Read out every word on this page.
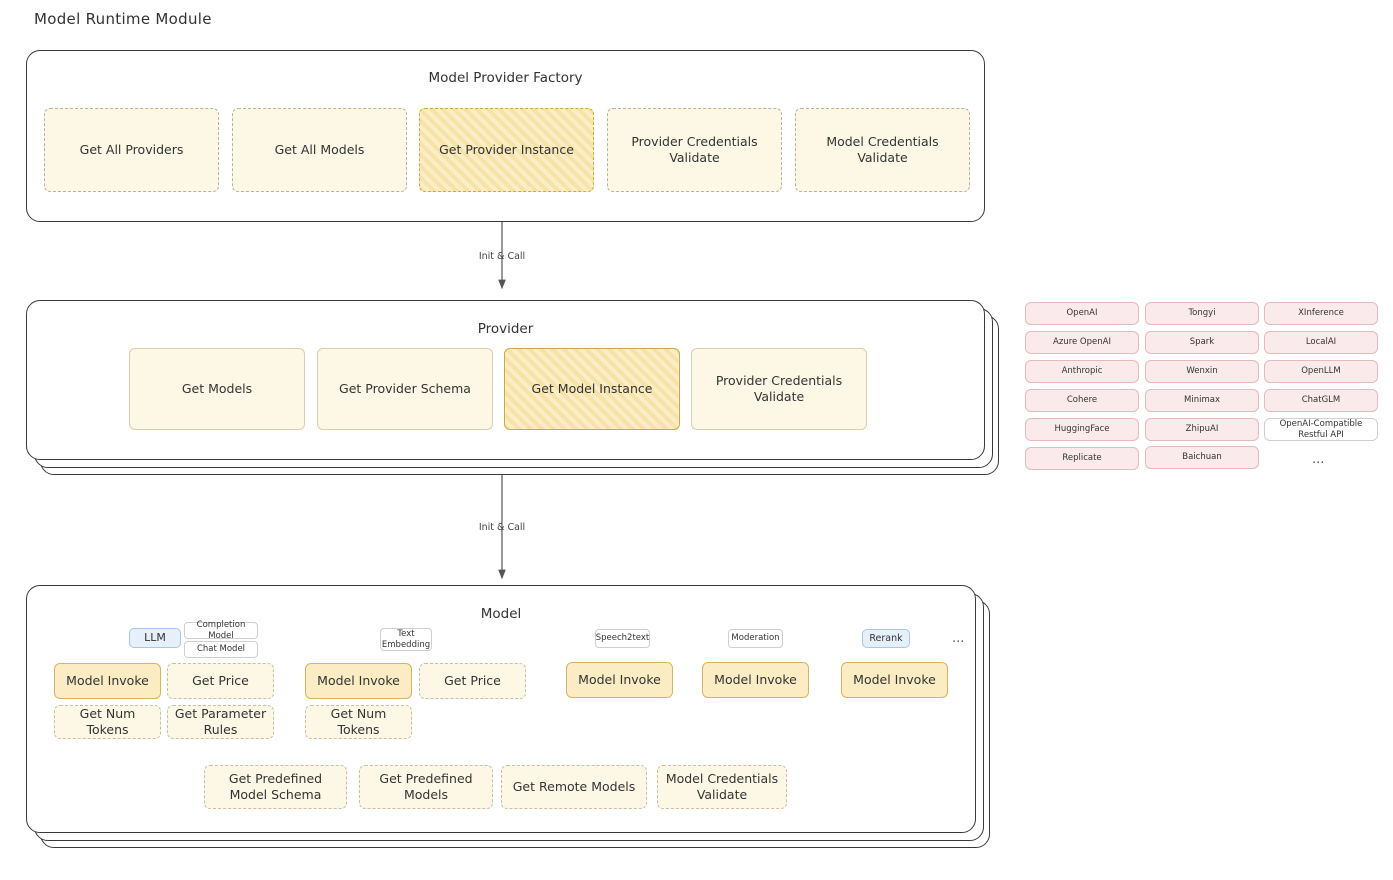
Model Runtime Module
Init & Call
Init & Call
Model Provider Factory
Get All Providers	Get All Models	Get Provider Instance
Provider Credentials Validate
Model Credentials Validate
Provider
Get Models	Get Provider Schema	Get Model Instance
Provider Credentials Validate
OpenAI
Azure OpenAI
Anthropic
Cohere
HuggingFace
Replicate
Tongyi
Spark
Wenxin
Minimax
ZhipuAI
Baichuan
XInference
LocalAI
OpenLLM
ChatGLM
OpenAI-Compatible Restful API
...
Model
LLM
Completion Model
Chat Model
Model Invoke	Get Price
Get Num Tokens
Get Parameter Rules
Text Embedding
Model Invoke	Get Price
Get Num Tokens
Speech2text
Model Invoke
Moderation
Model Invoke
Rerank
Model Invoke
...
Get Predefined Model Schema
Get Predefined Models
Get Remote Models
Model Credentials Validate
